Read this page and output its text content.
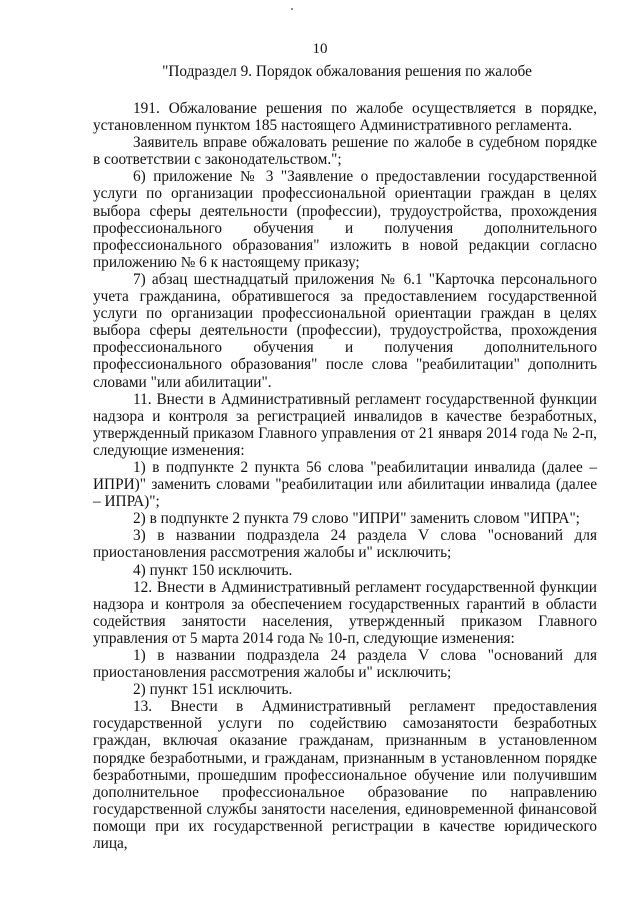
10
"Подраздел 9. Порядок обжалования решения по жалобе

191. Обжалование решения по жалобе осуществляется в порядке, установленном пунктом 185 настоящего Административного регламента.

Заявитель вправе обжаловать решение по жалобе в судебном порядке в соответствии с законодательством.";

6) приложение № 3 "Заявление о предоставлении государственной услуги по организации профессиональной ориентации граждан в целях выбора сферы деятельности (профессии), трудоустройства, прохождения профессионального обучения и получения дополнительного профессионального образования" изложить в новой редакции согласно приложению № 6 к настоящему приказу;

7) абзац шестнадцатый приложения № 6.1 "Карточка персонального учета гражданина, обратившегося за предоставлением государственной услуги по организации профессиональной ориентации граждан в целях выбора сферы деятельности (профессии), трудоустройства, прохождения профессионального обучения и получения дополнительного профессионального образования" после слова "реабилитации" дополнить словами "или абилитации".

11. Внести в Административный регламент государственной функции надзора и контроля за регистрацией инвалидов в качестве безработных, утвержденный приказом Главного управления от 21 января 2014 года № 2-п, следующие изменения:

1) в подпункте 2 пункта 56 слова "реабилитации инвалида (далее – ИПРИ)" заменить словами "реабилитации или абилитации инвалида (далее – ИПРА)";

2) в подпункте 2 пункта 79 слово "ИПРИ" заменить словом "ИПРА";

3) в названии подраздела 24 раздела V слова "оснований для приостановления рассмотрения жалобы и" исключить;

4) пункт 150 исключить.

12. Внести в Административный регламент государственной функции надзора и контроля за обеспечением государственных гарантий в области содействия занятости населения, утвержденный приказом Главного управления от 5 марта 2014 года № 10-п, следующие изменения:

1) в названии подраздела 24 раздела V слова "оснований для приостановления рассмотрения жалобы и" исключить;

2) пункт 151 исключить.

13. Внести в Административный регламент предоставления государственной услуги по содействию самозанятости безработных граждан, включая оказание гражданам, признанным в установленном порядке безработными, и гражданам, признанным в установленном порядке безработными, прошедшим профессиональное обучение или получившим дополнительное профессиональное образование по направлению государственной службы занятости населения, единовременной финансовой помощи при их государственной регистрации в качестве юридического лица,
